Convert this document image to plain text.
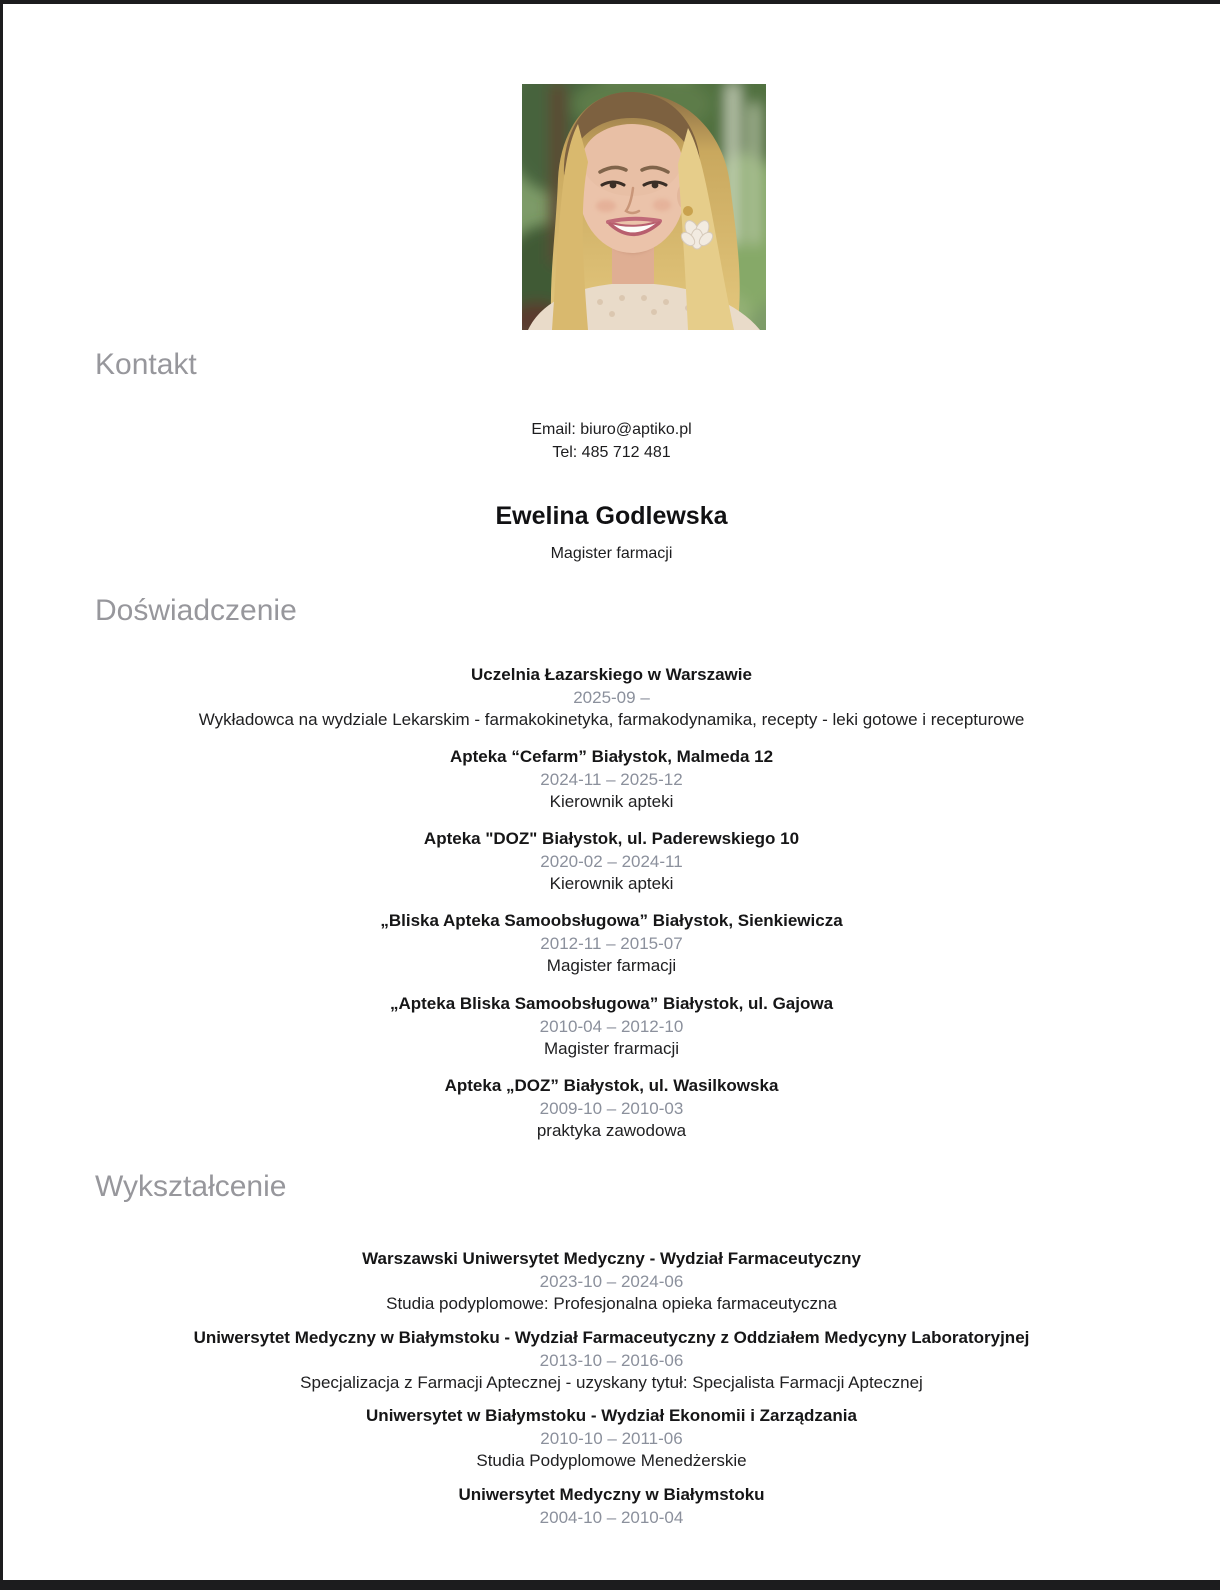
Kontakt
Email: biuro@aptiko.pl
Tel: 485 712 481
Ewelina Godlewska
Magister farmacji
Doświadczenie
Uczelnia Łazarskiego w Warszawie
2025-09 –
Wykładowca na wydziale Lekarskim - farmakokinetyka, farmakodynamika, recepty - leki gotowe i recepturowe
Apteka “Cefarm” Białystok, Malmeda 12
2024-11 – 2025-12
Kierownik apteki
Apteka "DOZ" Białystok, ul. Paderewskiego 10
2020-02 – 2024-11
Kierownik apteki
„Bliska Apteka Samoobsługowa” Białystok, Sienkiewicza
2012-11 – 2015-07
Magister farmacji
„Apteka Bliska Samoobsługowa” Białystok, ul. Gajowa
2010-04 – 2012-10
Magister frarmacji
Apteka „DOZ” Białystok, ul. Wasilkowska
2009-10 – 2010-03
praktyka zawodowa
Wykształcenie
Warszawski Uniwersytet Medyczny - Wydział Farmaceutyczny
2023-10 – 2024-06
Studia podyplomowe: Profesjonalna opieka farmaceutyczna
Uniwersytet Medyczny w Białymstoku - Wydział Farmaceutyczny z Oddziałem Medycyny Laboratoryjnej
2013-10 – 2016-06
Specjalizacja z Farmacji Aptecznej - uzyskany tytuł: Specjalista Farmacji Aptecznej
Uniwersytet w Białymstoku - Wydział Ekonomii i Zarządzania
2010-10 – 2011-06
Studia Podyplomowe Menedżerskie
Uniwersytet Medyczny w Białymstoku
2004-10 – 2010-04
